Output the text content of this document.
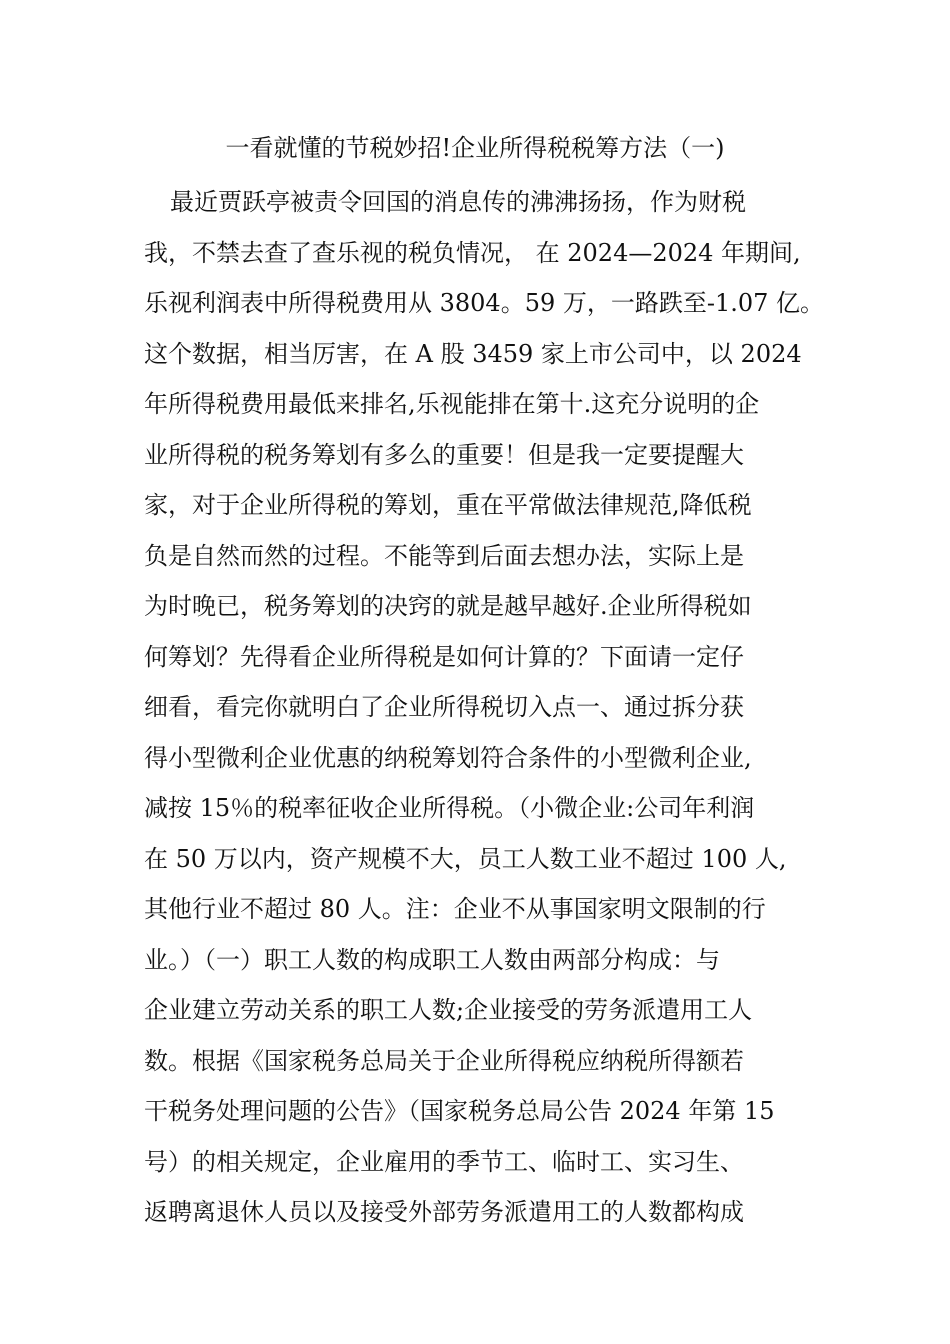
一看就懂的节税妙招!企业所得税税筹方法（一)
最近贾跃亭被责令回国的消息传的沸沸扬扬，作为财税
我，不禁去查了查乐视的税负情况， 在 2024—2024 年期间,
乐视利润表中所得税费用从 3804。59 万，一路跌至-1.07 亿。
这个数据，相当厉害，在 A 股 3459 家上市公司中，以 2024
年所得税费用最低来排名,乐视能排在第十.这充分说明的企
业所得税的税务筹划有多么的重要！但是我一定要提醒大
家，对于企业所得税的筹划，重在平常做法律规范,降低税
负是自然而然的过程。不能等到后面去想办法，实际上是
为时晚已，税务筹划的决窍的就是越早越好.企业所得税如
何筹划？先得看企业所得税是如何计算的？下面请一定仔
细看，看完你就明白了企业所得税切入点一、通过拆分获
得小型微利企业优惠的纳税筹划符合条件的小型微利企业,
减按 15％的税率征收企业所得税。（小微企业:公司年利润
在 50 万以内，资产规模不大，员工人数工业不超过 100 人,
其他行业不超过 80 人。注：企业不从事国家明文限制的行
业。）（一）职工人数的构成职工人数由两部分构成：与
企业建立劳动关系的职工人数;企业接受的劳务派遣用工人
数。根据《国家税务总局关于企业所得税应纳税所得额若
干税务处理问题的公告》（国家税务总局公告 2024 年第 15
号）的相关规定，企业雇用的季节工、临时工、实习生、
返聘离退休人员以及接受外部劳务派遣用工的人数都构成
